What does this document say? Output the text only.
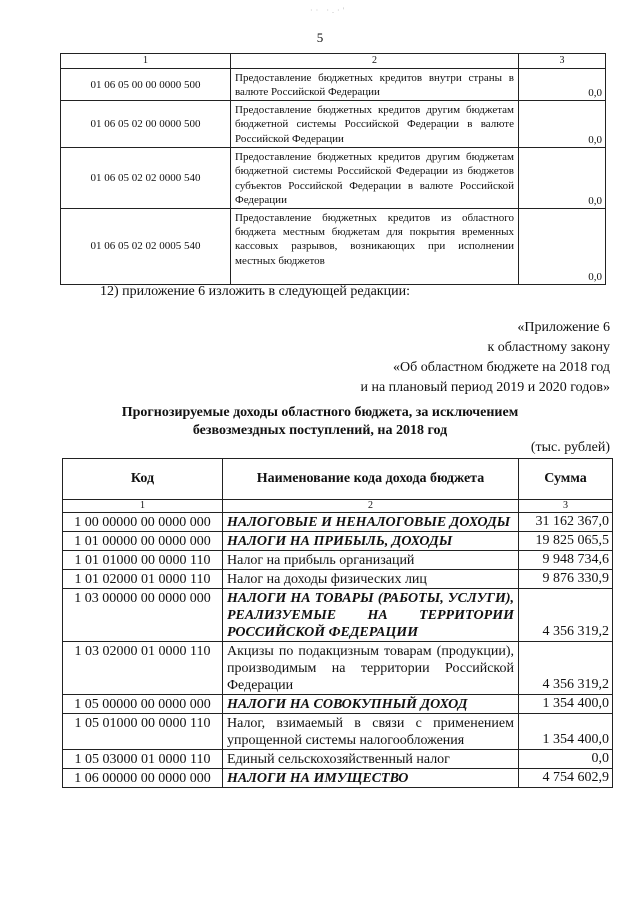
·· ·.·'
5
1	2	3
01 06 05 00 00 0000 500	Предоставление бюджетных кредитов внутри страны в валюте Российской Федерации	0,0
01 06 05 02 00 0000 500	Предоставление бюджетных кредитов другим бюджетам бюджетной системы Российской Федерации в валюте Российской Федерации	0,0
01 06 05 02 02 0000 540	Предоставление бюджетных кредитов другим бюджетам бюджетной системы Российской Федерации из бюджетов субъектов Российской Федерации в валюте Российской Федерации	0,0
01 06 05 02 02 0005 540	Предоставление бюджетных кредитов из областного бюджета местным бюджетам для покрытия временных кассовых разрывов, возникающих при исполнении местных бюджетов	0,0
12) приложение 6 изложить в следующей редакции:
«Приложение 6
к областному закону
«Об областном бюджете на 2018 год
и на плановый период 2019 и 2020 годов»
Прогнозируемые доходы областного бюджета, за исключением
безвозмездных поступлений, на 2018 год
(тыс. рублей)
Код	Наименование кода дохода бюджета	Сумма
1	2	3
1 00 00000 00 0000 000	НАЛОГОВЫЕ И НЕНАЛОГОВЫЕ ДОХОДЫ	31 162 367,0
1 01 00000 00 0000 000	НАЛОГИ НА ПРИБЫЛЬ, ДОХОДЫ	19 825 065,5
1 01 01000 00 0000 110	Налог на прибыль организаций	9 948 734,6
1 01 02000 01 0000 110	Налог на доходы физических лиц	9 876 330,9
1 03 00000 00 0000 000	НАЛОГИ НА ТОВАРЫ (РАБОТЫ, УСЛУГИ), РЕАЛИЗУЕМЫЕ НА ТЕРРИТОРИИ РОССИЙСКОЙ ФЕДЕРАЦИИ	4 356 319,2
1 03 02000 01 0000 110	Акцизы по подакцизным товарам (продукции), производимым на территории Российской Федерации	4 356 319,2
1 05 00000 00 0000 000	НАЛОГИ НА СОВОКУПНЫЙ ДОХОД	1 354 400,0
1 05 01000 00 0000 110	Налог, взимаемый в связи с применением упрощенной системы налогообложения	1 354 400,0
1 05 03000 01 0000 110	Единый сельскохозяйственный налог	0,0
1 06 00000 00 0000 000	НАЛОГИ НА ИМУЩЕСТВО	4 754 602,9
